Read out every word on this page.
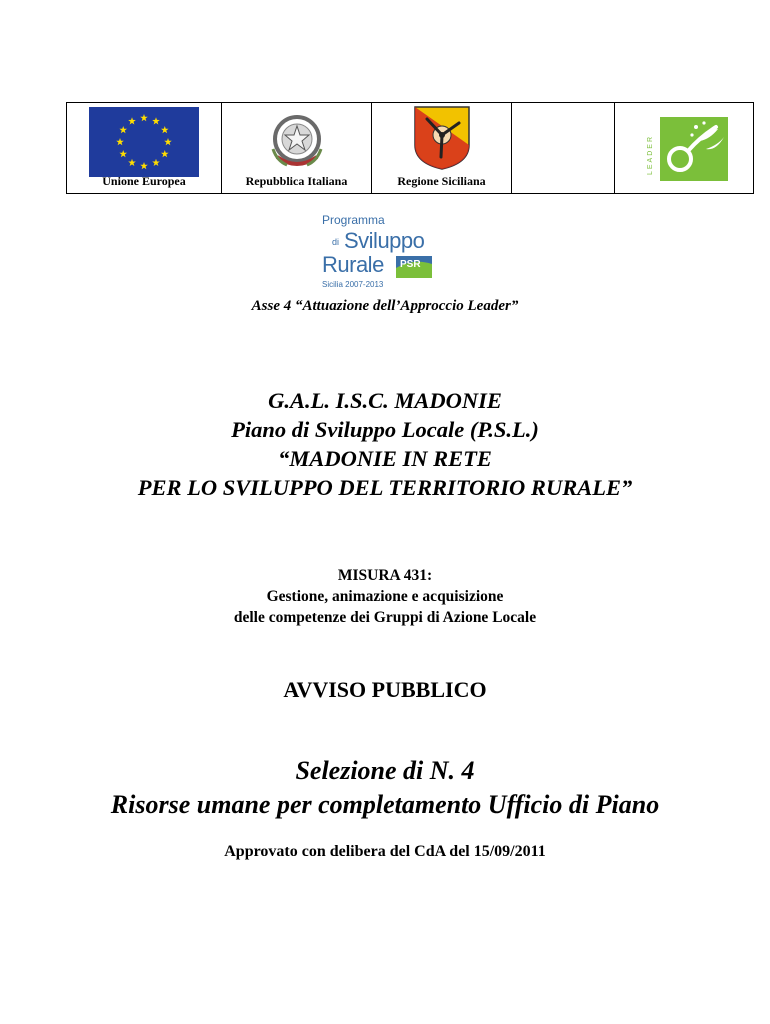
Unione Europea	Repubblica Italiana	Regione Siciliana
LEADER
Programma
di Sviluppo
Rurale PSR
Sicilia 2007-2013
Asse 4 “Attuazione dell’Approccio Leader”
G.A.L. I.S.C. MADONIE
Piano di Sviluppo Locale (P.S.L.)
“MADONIE IN RETE
PER LO SVILUPPO DEL TERRITORIO RURALE”
MISURA 431:
Gestione, animazione e acquisizione
delle competenze dei Gruppi di Azione Locale
AVVISO PUBBLICO
Selezione di N. 4
Risorse umane per completamento Ufficio di Piano
Approvato con delibera del CdA del 15/09/2011
